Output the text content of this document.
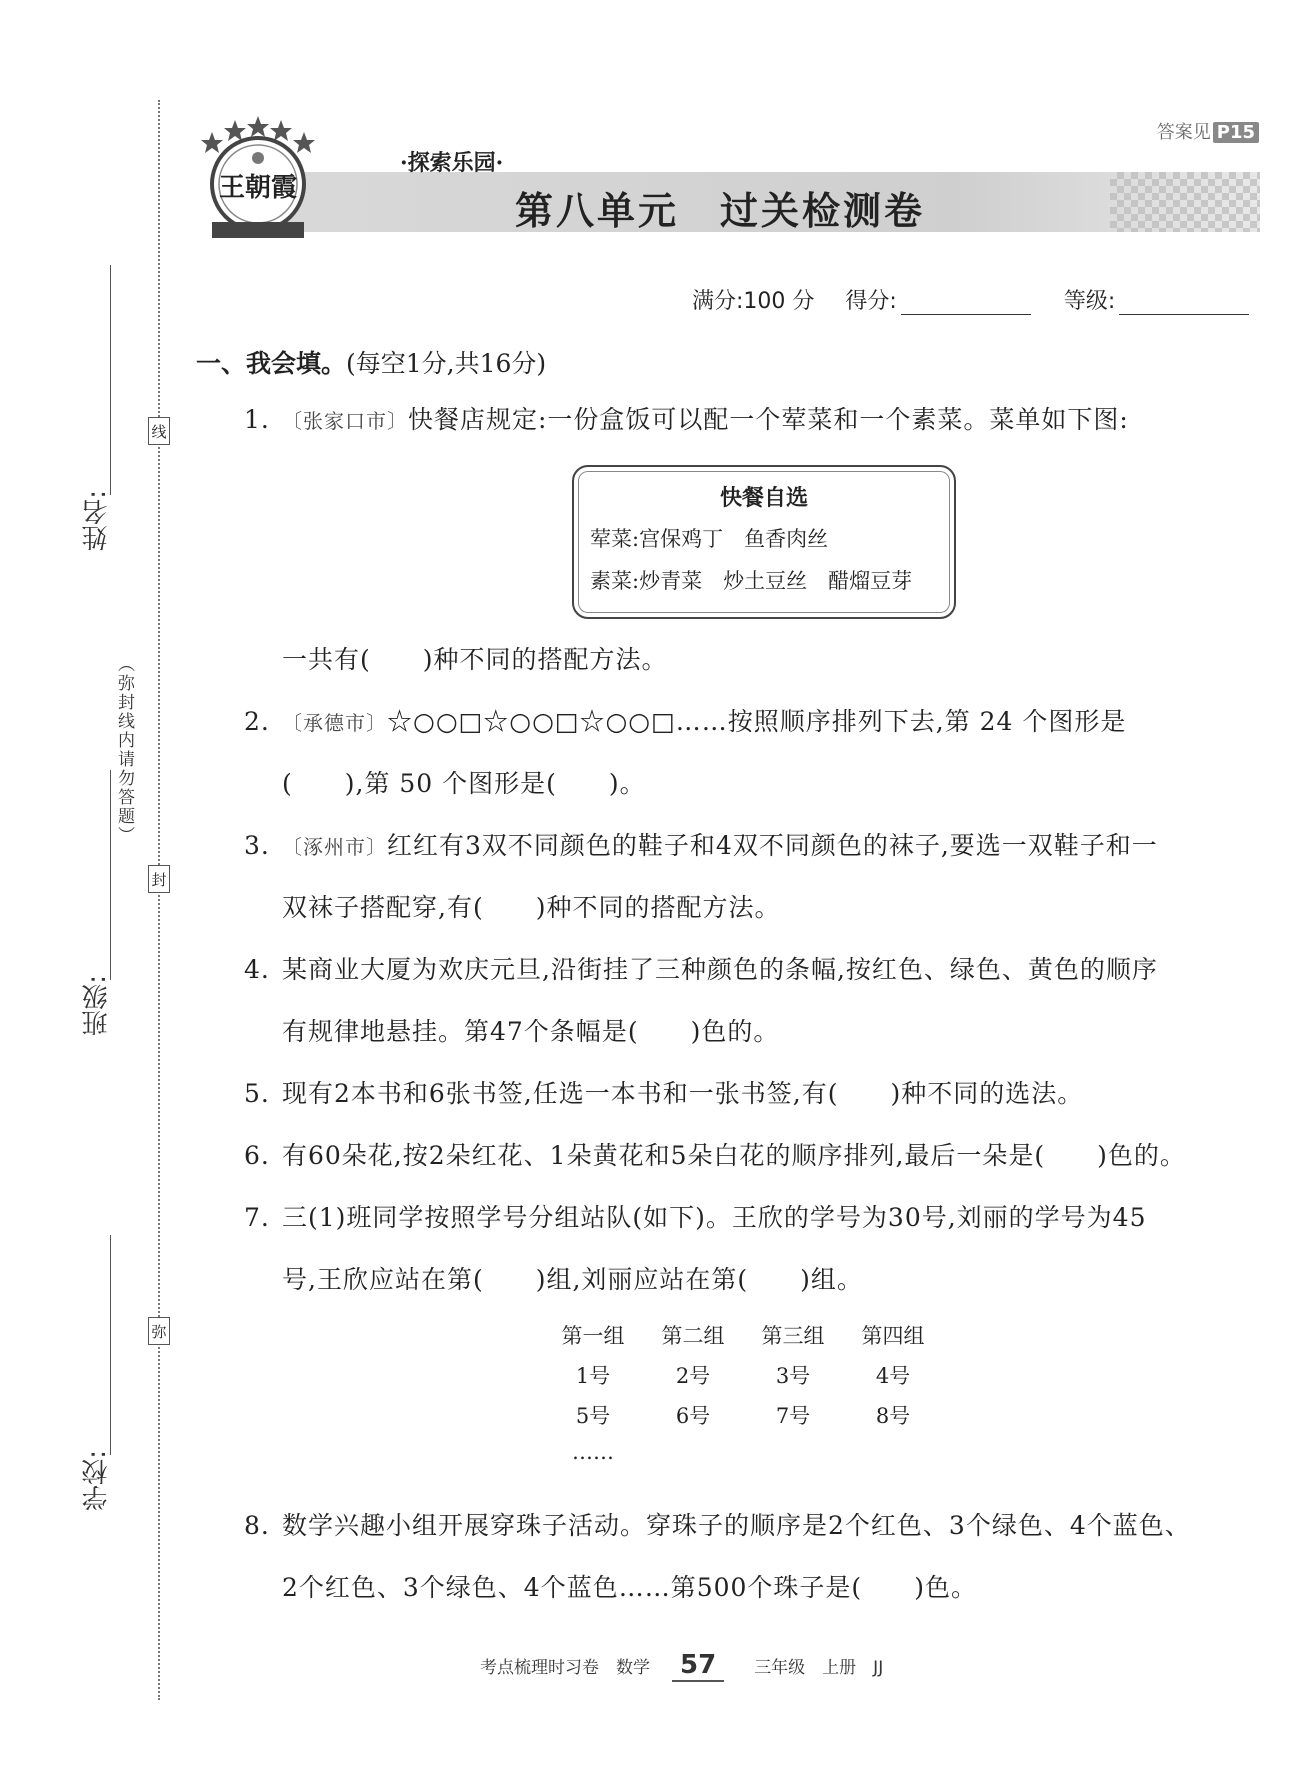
姓名:
班级:
学校:
（弥封线内请勿答题）
线
封
弥
答案见 P15
王朝霞
·探索乐园·
第八单元　过关检测卷
满分:100 分 得分:	等级:
一、我会填。(每空1分,共16分)
1. 〔张家口市〕快餐店规定:一份盒饭可以配一个荤菜和一个素菜。菜单如下图:
快餐自选
荤菜:宫保鸡丁　鱼香肉丝
素菜:炒青菜　炒土豆丝　醋熘豆芽
一共有(　　)种不同的搭配方法。
2. 〔承德市〕☆○○□☆○○□☆○○□……按照顺序排列下去,第 24 个图形是
(　　),第 50 个图形是(　　)。
3. 〔涿州市〕红红有3双不同颜色的鞋子和4双不同颜色的袜子,要选一双鞋子和一
双袜子搭配穿,有(　　)种不同的搭配方法。
4. 某商业大厦为欢庆元旦,沿街挂了三种颜色的条幅,按红色、绿色、黄色的顺序
有规律地悬挂。第47个条幅是(　　)色的。
5. 现有2本书和6张书签,任选一本书和一张书签,有(　　)种不同的选法。
6. 有60朵花,按2朵红花、1朵黄花和5朵白花的顺序排列,最后一朵是(　　)色的。
7. 三(1)班同学按照学号分组站队(如下)。王欣的学号为30号,刘丽的学号为45
号,王欣应站在第(　　)组,刘丽应站在第(　　)组。
第一组	第二组	第三组	第四组
1号	2号	3号	4号
5号	6号	7号	8号
……
8. 数学兴趣小组开展穿珠子活动。穿珠子的顺序是2个红色、3个绿色、4个蓝色、
2个红色、3个绿色、4个蓝色……第500个珠子是(　　)色。
考点梳理时习卷　数学 57 三年级　上册　JJ
